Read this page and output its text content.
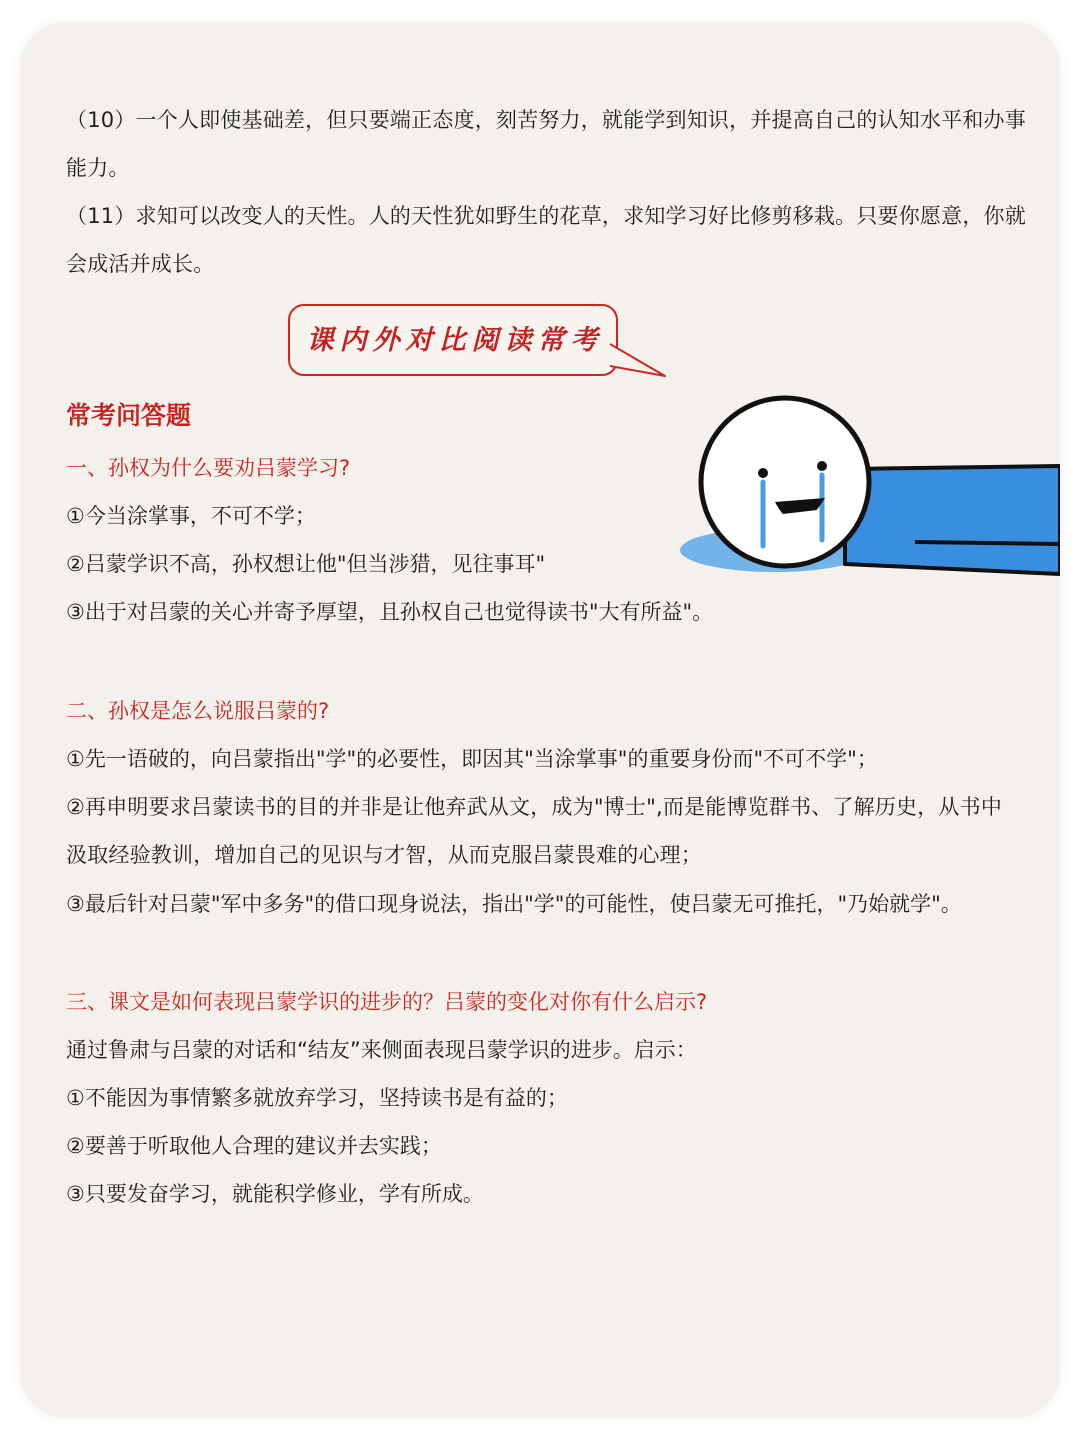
（10）一个人即使基础差，但只要端正态度，刻苦努力，就能学到知识，并提高自己的认知水平和办事能力。

（11）求知可以改变人的天性。人的天性犹如野生的花草，求知学习好比修剪移栽。只要你愿意，你就会成活并成长。

课内外对比阅读常考
常考问答题

一、孙权为什么要劝吕蒙学习?

①今当涂掌事，不可不学；

②吕蒙学识不高，孙权想让他"但当涉猎，见往事耳"

③出于对吕蒙的关心并寄予厚望，且孙权自己也觉得读书"大有所益"。

二、孙权是怎么说服吕蒙的?

①先一语破的，向吕蒙指出"学"的必要性，即因其"当涂掌事"的重要身份而"不可不学"；

②再申明要求吕蒙读书的目的并非是让他弃武从文，成为"博士",而是能博览群书、了解历史，从书中汲取经验教训，增加自己的见识与才智，从而克服吕蒙畏难的心理；

③最后针对吕蒙"军中多务"的借口现身说法，指出"学"的可能性，使吕蒙无可推托，"乃始就学"。

三、课文是如何表现吕蒙学识的进步的？吕蒙的变化对你有什么启示?

通过鲁肃与吕蒙的对话和“结友”来侧面表现吕蒙学识的进步。启示：

①不能因为事情繁多就放弃学习，坚持读书是有益的；

②要善于听取他人合理的建议并去实践；

③只要发奋学习，就能积学修业，学有所成。
